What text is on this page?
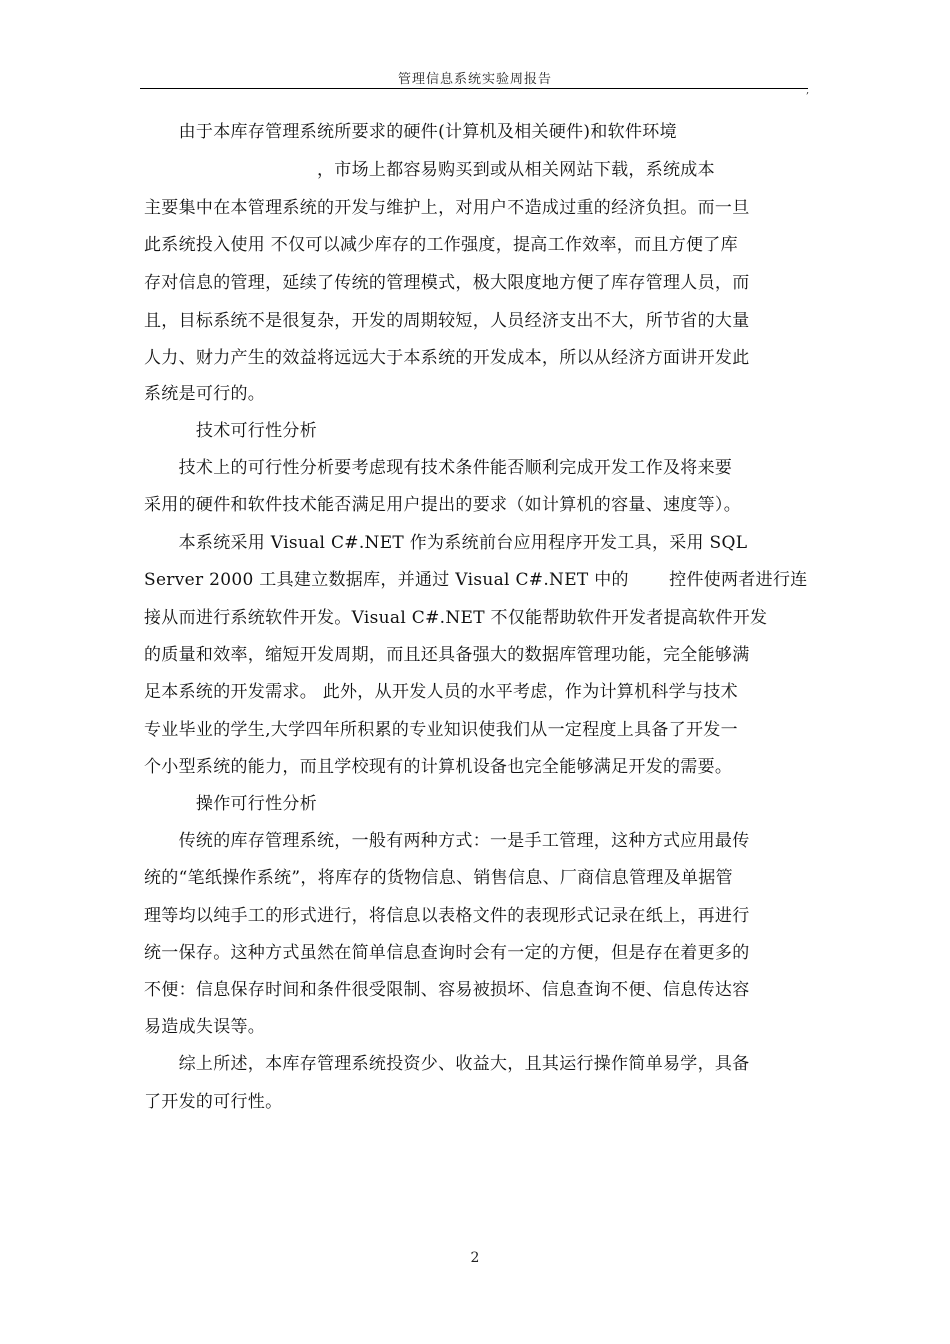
管理信息系统实验周报告
,
　　由于本库存管理系统所要求的硬件(计算机及相关硬件)和软件环境
　　　　　　　　　　，市场上都容易购买到或从相关网站下载，系统成本
主要集中在本管理系统的开发与维护上，对用户不造成过重的经济负担。而一旦
此系统投入使用 不仅可以减少库存的工作强度，提高工作效率，而且方便了库
存对信息的管理，延续了传统的管理模式，极大限度地方便了库存管理人员，而
且，目标系统不是很复杂，开发的周期较短，人员经济支出不大，所节省的大量
人力、财力产生的效益将远远大于本系统的开发成本，所以从经济方面讲开发此
系统是可行的。
　　　技术可行性分析
　　技术上的可行性分析要考虑现有技术条件能否顺利完成开发工作及将来要
采用的硬件和软件技术能否满足用户提出的要求（如计算机的容量、速度等）。
　　本系统采用 Visual C#.NET 作为系统前台应用程序开发工具，采用 SQL
Server 2000 工具建立数据库，并通过 Visual C#.NET 中的　　 控件使两者进行连
接从而进行系统软件开发。Visual C#.NET 不仅能帮助软件开发者提高软件开发
的质量和效率，缩短开发周期，而且还具备强大的数据库管理功能，完全能够满
足本系统的开发需求。 此外，从开发人员的水平考虑，作为计算机科学与技术
专业毕业的学生,大学四年所积累的专业知识使我们从一定程度上具备了开发一
个小型系统的能力，而且学校现有的计算机设备也完全能够满足开发的需要。
　　　操作可行性分析
　　传统的库存管理系统，一般有两种方式：一是手工管理，这种方式应用最传
统的“笔纸操作系统”，将库存的货物信息、销售信息、厂商信息管理及单据管
理等均以纯手工的形式进行，将信息以表格文件的表现形式记录在纸上，再进行
统一保存。这种方式虽然在简单信息查询时会有一定的方便，但是存在着更多的
不便：信息保存时间和条件很受限制、容易被损坏、信息查询不便、信息传达容
易造成失误等。
　　综上所述，本库存管理系统投资少、收益大，且其运行操作简单易学，具备
了开发的可行性。
2
